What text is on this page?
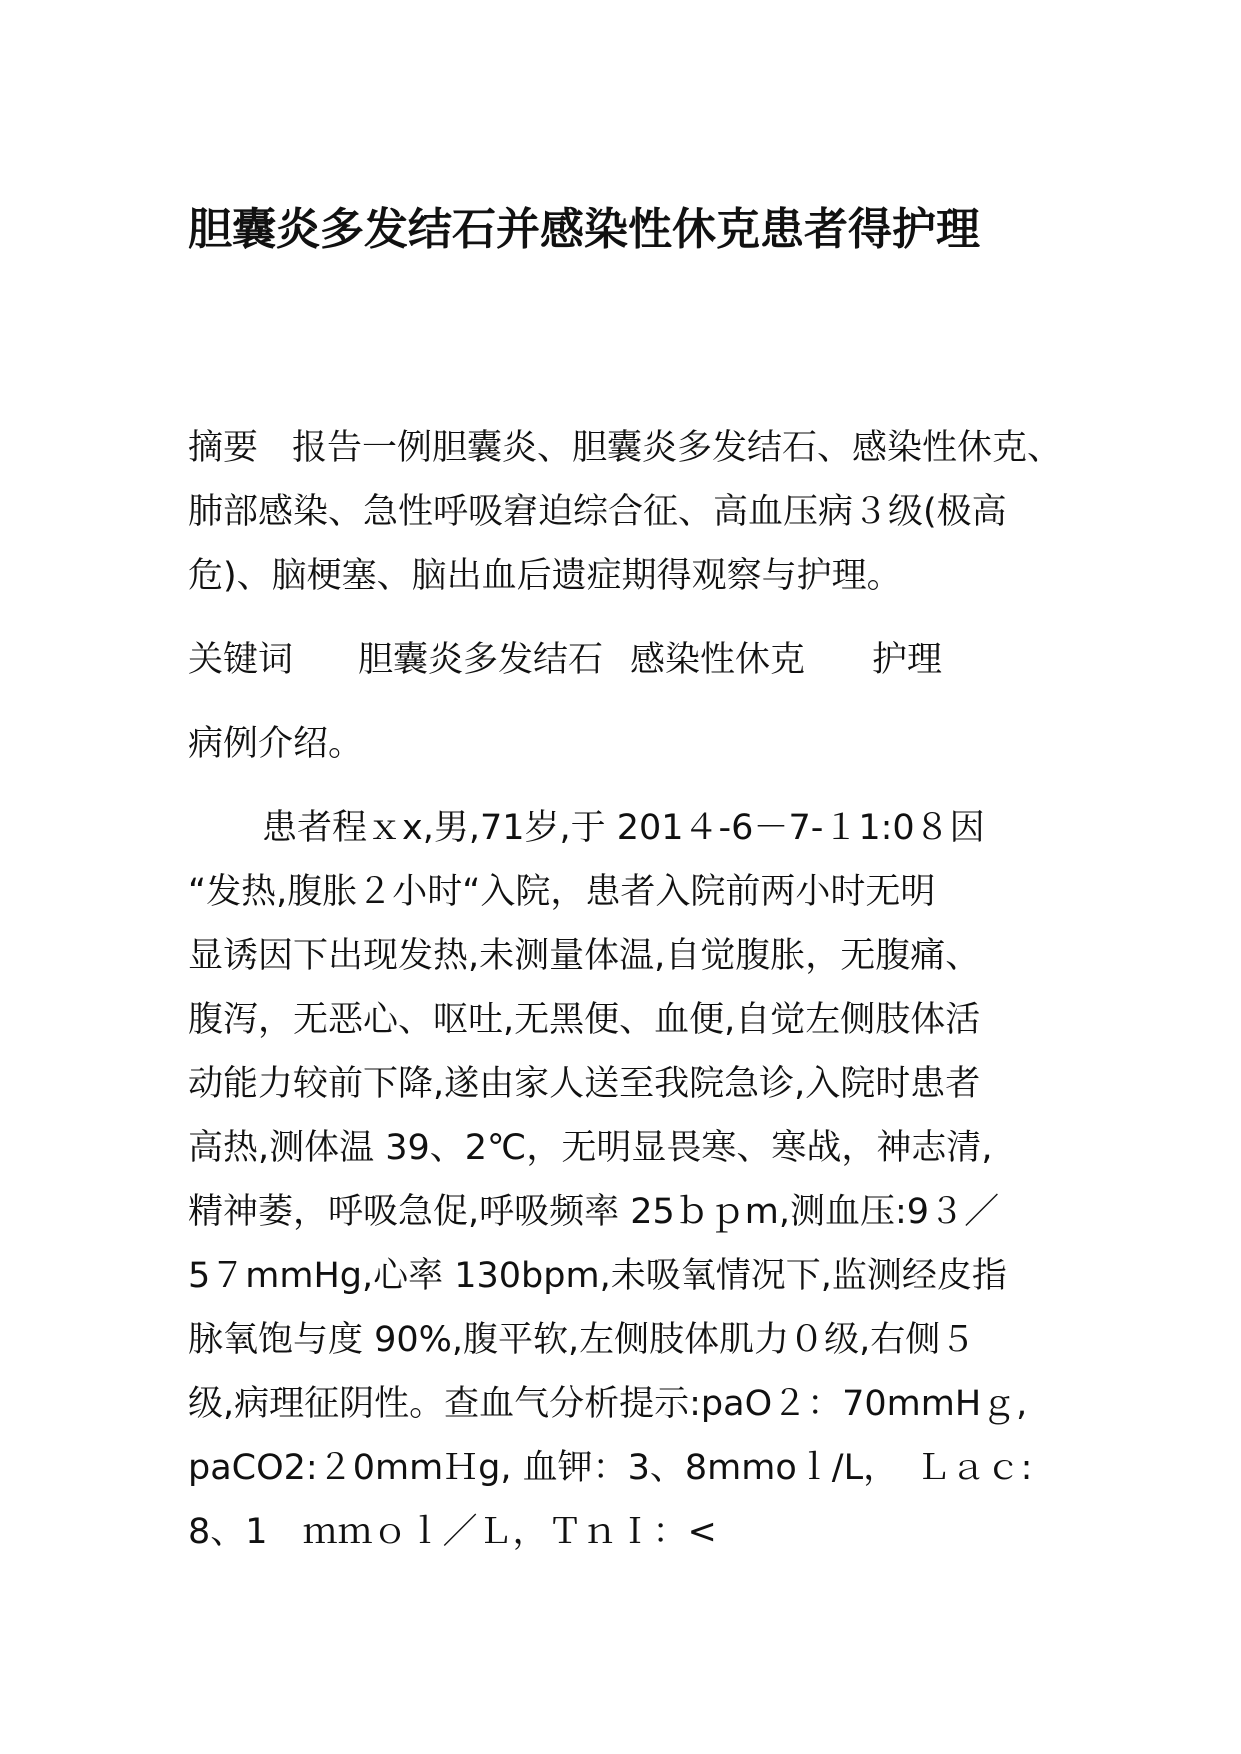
胆囊炎多发结石并感染性休克患者得护理

摘要 报告一例胆囊炎、胆囊炎多发结石、感染性休克、肺部感染、急性呼吸窘迫综合征、高血压病３级(极高危)、脑梗塞、脑出血后遗症期得观察与护理。

关键词 胆囊炎多发结石 感染性休克 护理
病例介绍。
患者程ｘx,男,71岁,于 201４-6－7-１1:0８因
“发热,腹胀２小时“入院，患者入院前两小时无明
显诱因下出现发热,未测量体温,自觉腹胀，无腹痛、
腹泻，无恶心、呕吐,无黑便、血便,自觉左侧肢体活
动能力较前下降,遂由家人送至我院急诊,入院时患者
高热,测体温 39、2℃，无明显畏寒、寒战，神志清,
精神萎，呼吸急促,呼吸频率 25ｂｐm,测血压:9３／
5７mmHg,心率 130bpm,未吸氧情况下,监测经皮指
脉氧饱与度 90%,腹平软,左侧肢体肌力０级,右侧５
级,病理征阴性。查血气分析提示:paO２：70mmHｇ,
paCO2:２0mmＨg, 血钾：3、8mmoｌ/L，　Ｌａｃ:
8、1　ｍｍｏｌ／Ｌ，ＴｎＩ：<
